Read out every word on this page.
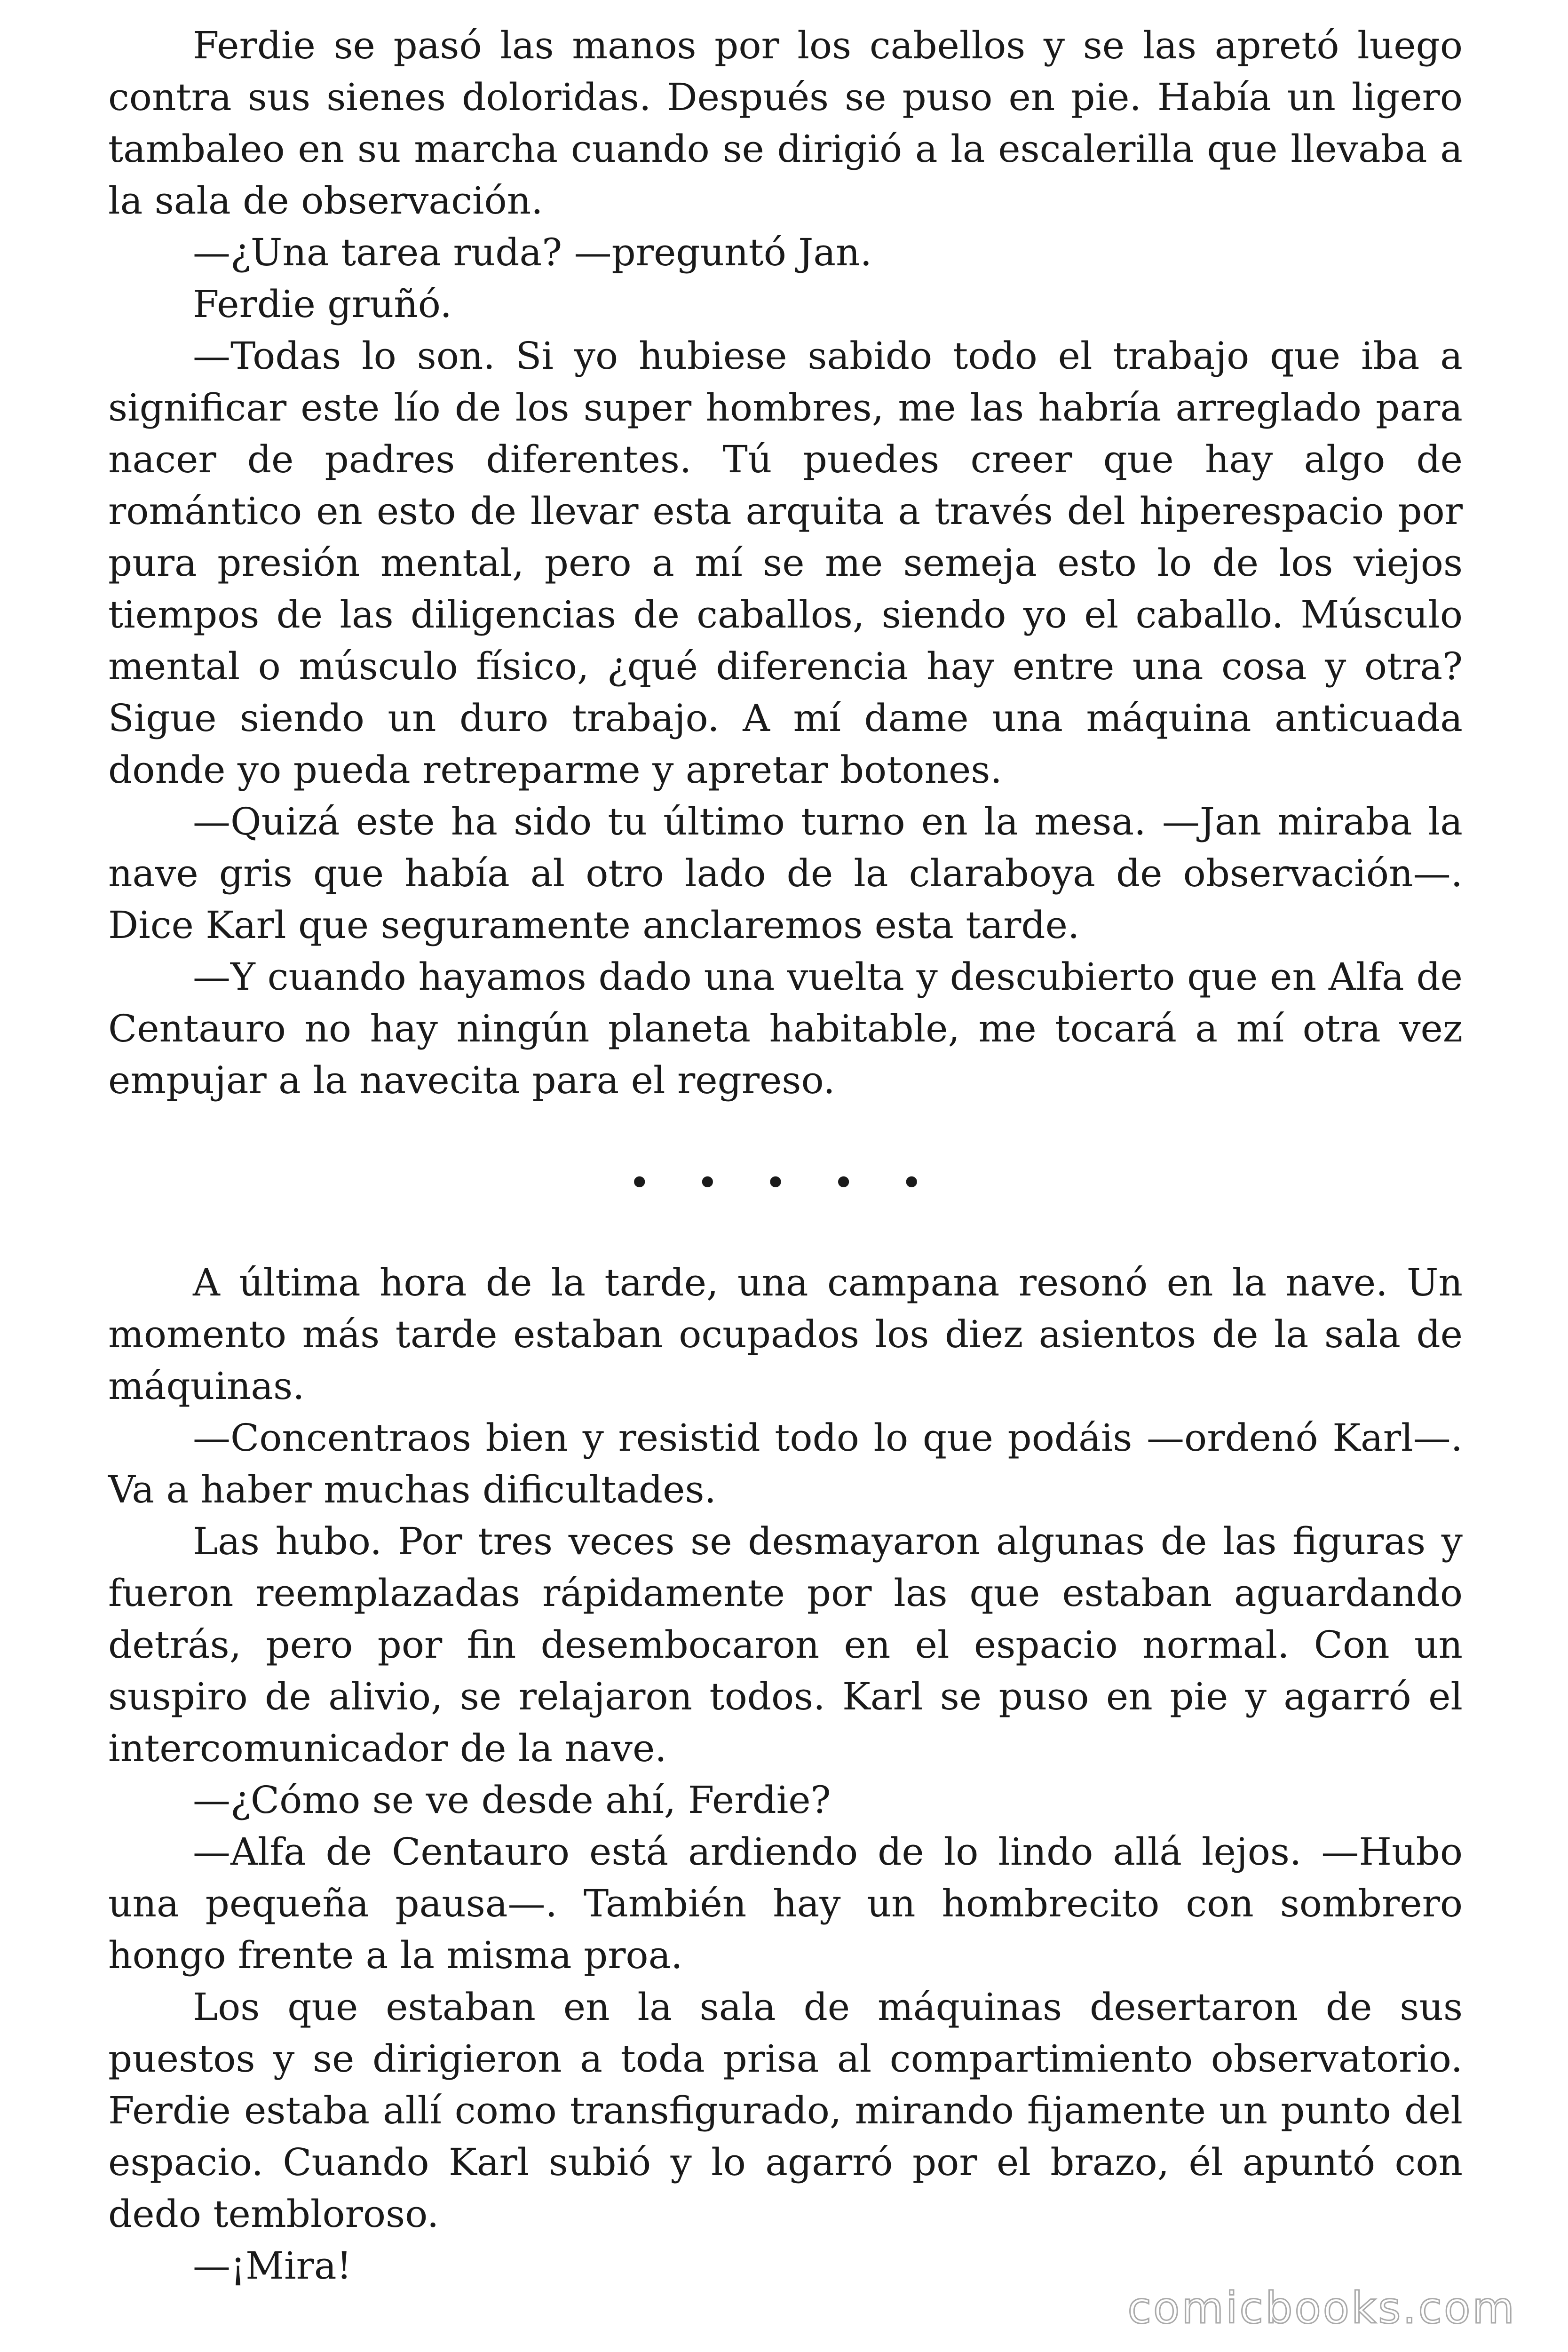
Ferdie se pasó las manos por los cabellos y se las apretó luego contra sus sienes doloridas. Después se puso en pie. Había un ligero tambaleo en su marcha cuando se dirigió a la escalerilla que llevaba a la sala de observación.

—¿Una tarea ruda? —preguntó Jan.

Ferdie gruñó.

—Todas lo son. Si yo hubiese sabido todo el trabajo que iba a significar este lío de los super hombres, me las habría arreglado para nacer de padres diferentes. Tú puedes creer que hay algo de romántico en esto de llevar esta arquita a través del hiperespacio por pura presión mental, pero a mí se me semeja esto lo de los viejos tiempos de las diligencias de caballos, siendo yo el caballo. Músculo mental o músculo físico, ¿qué diferencia hay entre una cosa y otra? Sigue siendo un duro trabajo. A mí dame una máquina anticuada donde yo pueda retreparme y apretar botones.

—Quizá este ha sido tu último turno en la mesa. —Jan miraba la nave gris que había al otro lado de la claraboya de observación—. Dice Karl que seguramente anclaremos esta tarde.

—Y cuando hayamos dado una vuelta y descubierto que en Alfa de Centauro no hay ningún planeta habitable, me tocará a mí otra vez empujar a la navecita para el regreso.

• • • • •

A última hora de la tarde, una campana resonó en la nave. Un momento más tarde estaban ocupados los diez asientos de la sala de máquinas.

—Concentraos bien y resistid todo lo que podáis —ordenó Karl—. Va a haber muchas dificultades.

Las hubo. Por tres veces se desmayaron algunas de las figuras y fueron reemplazadas rápidamente por las que estaban aguardando detrás, pero por fin desembocaron en el espacio normal. Con un suspiro de alivio, se relajaron todos. Karl se puso en pie y agarró el intercomunicador de la nave.

—¿Cómo se ve desde ahí, Ferdie?

—Alfa de Centauro está ardiendo de lo lindo allá lejos. —Hubo una pequeña pausa—. También hay un hombrecito con sombrero hongo frente a la misma proa.

Los que estaban en la sala de máquinas desertaron de sus puestos y se dirigieron a toda prisa al compartimiento observatorio. Ferdie estaba allí como transfigurado, mirando fijamente un punto del espacio. Cuando Karl subió y lo agarró por el brazo, él apuntó con dedo tembloroso.

—¡Mira!

comicbooks.com
